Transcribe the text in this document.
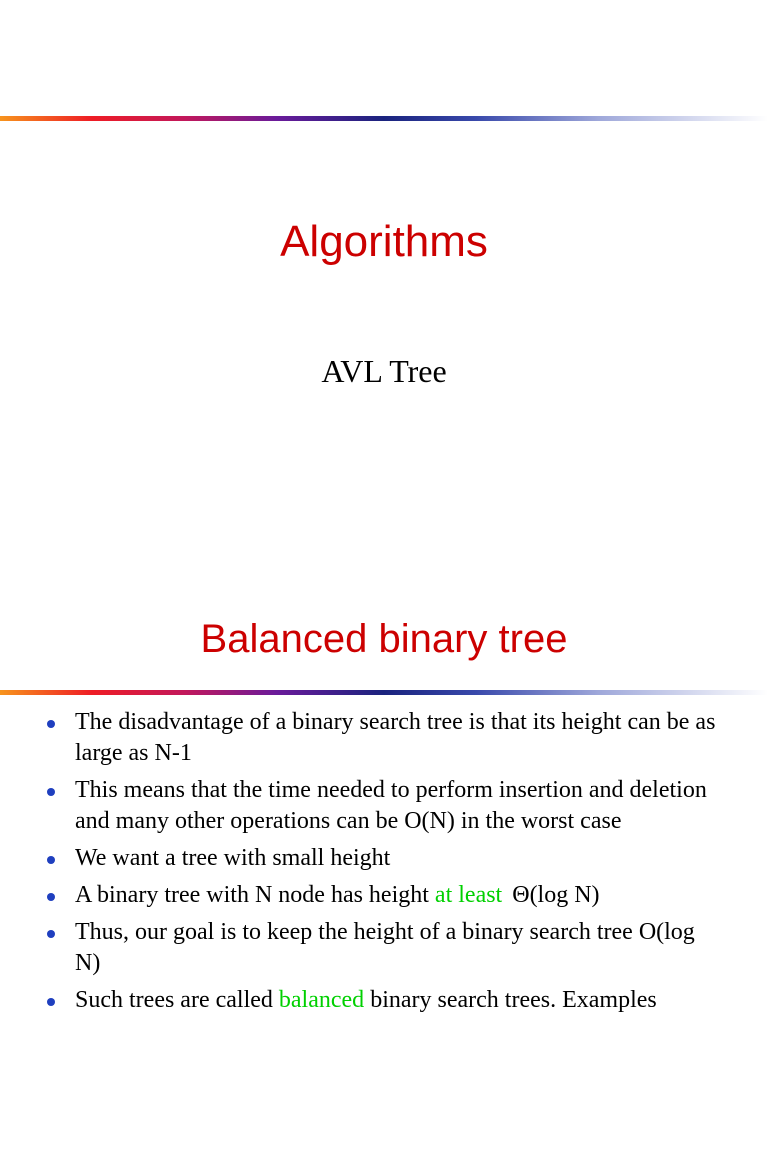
Algorithms

AVL Tree

Balanced binary tree
The disadvantage of a binary search tree is that its height can be as large as N-1
This means that the time needed to perform insertion and deletion and many other operations can be O(N) in the worst case
We want a tree with small height
A binary tree with N node has height at least Θ(log N)
Thus, our goal is to keep the height of a binary search tree O(log N)
Such trees are called balanced binary search trees. Examples
